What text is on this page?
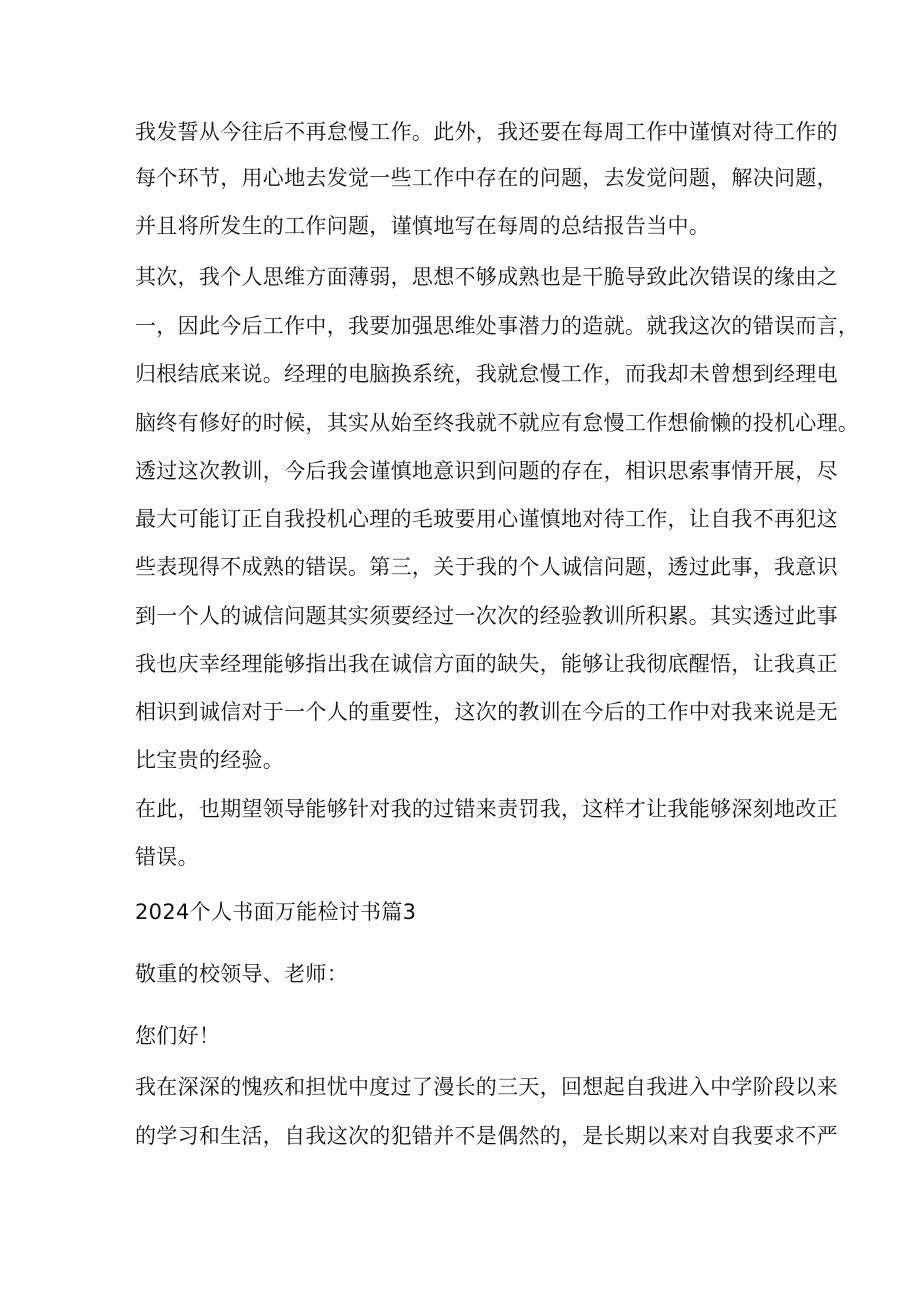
我发誓从今往后不再怠慢工作。此外，我还要在每周工作中谨慎对待工作的
每个环节，用心地去发觉一些工作中存在的问题，去发觉问题，解决问题，
并且将所发生的工作问题，谨慎地写在每周的总结报告当中。
其次，我个人思维方面薄弱，思想不够成熟也是干脆导致此次错误的缘由之
一，因此今后工作中，我要加强思维处事潜力的造就。就我这次的错误而言，
归根结底来说。经理的电脑换系统，我就怠慢工作，而我却未曾想到经理电
脑终有修好的时候，其实从始至终我就不就应有怠慢工作想偷懒的投机心理。
透过这次教训，今后我会谨慎地意识到问题的存在，相识思索事情开展，尽
最大可能订正自我投机心理的毛玻要用心谨慎地对待工作，让自我不再犯这
些表现得不成熟的错误。第三，关于我的个人诚信问题，透过此事，我意识
到一个人的诚信问题其实须要经过一次次的经验教训所积累。其实透过此事
我也庆幸经理能够指出我在诚信方面的缺失，能够让我彻底醒悟，让我真正
相识到诚信对于一个人的重要性，这次的教训在今后的工作中对我来说是无
比宝贵的经验。
在此，也期望领导能够针对我的过错来责罚我，这样才让我能够深刻地改正
错误。
2024个人书面万能检讨书篇3
敬重的校领导、老师：
您们好！
我在深深的愧疚和担忧中度过了漫长的三天，回想起自我进入中学阶段以来
的学习和生活，自我这次的犯错并不是偶然的，是长期以来对自我要求不严
